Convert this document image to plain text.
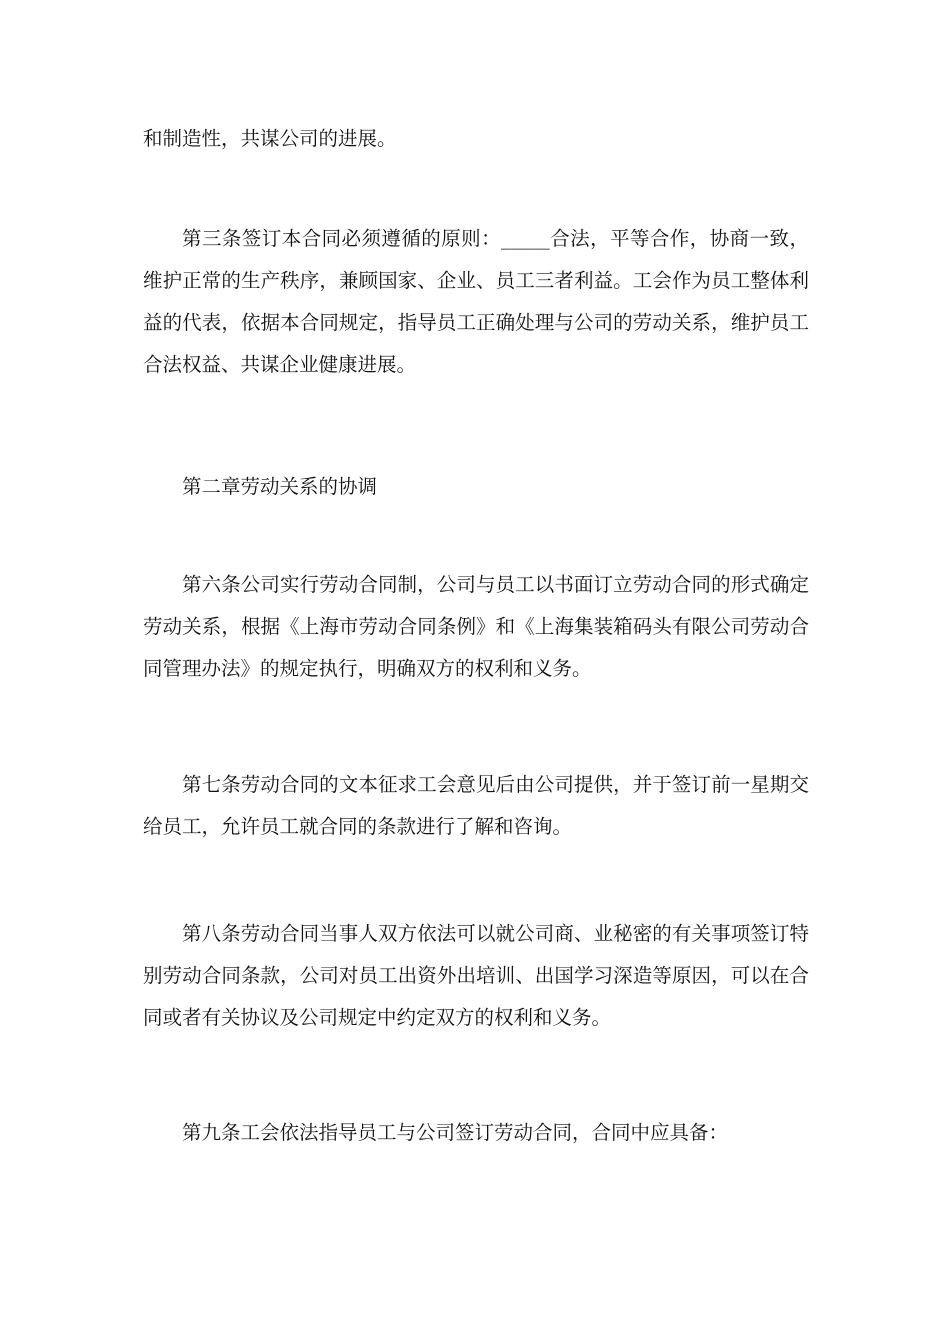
和制造性，共谋公司的进展。

第三条签订本合同必须遵循的原则：_____合法，平等合作，协商一致，维护正常的生产秩序，兼顾国家、企业、员工三者利益。工会作为员工整体利益的代表，依据本合同规定，指导员工正确处理与公司的劳动关系，维护员工合法权益、共谋企业健康进展。

第二章劳动关系的协调

第六条公司实行劳动合同制，公司与员工以书面订立劳动合同的形式确定劳动关系，根据《上海市劳动合同条例》和《上海集装箱码头有限公司劳动合同管理办法》的规定执行，明确双方的权利和义务。

第七条劳动合同的文本征求工会意见后由公司提供，并于签订前一星期交给员工，允许员工就合同的条款进行了解和咨询。

第八条劳动合同当事人双方依法可以就公司商、业秘密的有关事项签订特别劳动合同条款，公司对员工出资外出培训、出国学习深造等原因，可以在合同或者有关协议及公司规定中约定双方的权利和义务。

第九条工会依法指导员工与公司签订劳动合同，合同中应具备：
